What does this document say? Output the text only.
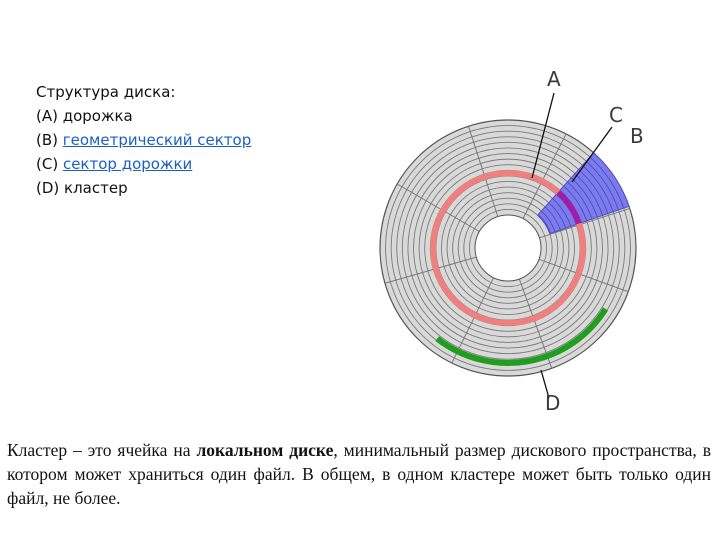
Структура диска:
(A) дорожка
(B) геометрический сектор
(C) сектор дорожки
(D) кластер
A
C
B
D
Кластер – это ячейка на локальном диске, минимальный размер дискового пространства, в котором может храниться один файл. В общем, в одном кластере может быть только один файл, не более.
